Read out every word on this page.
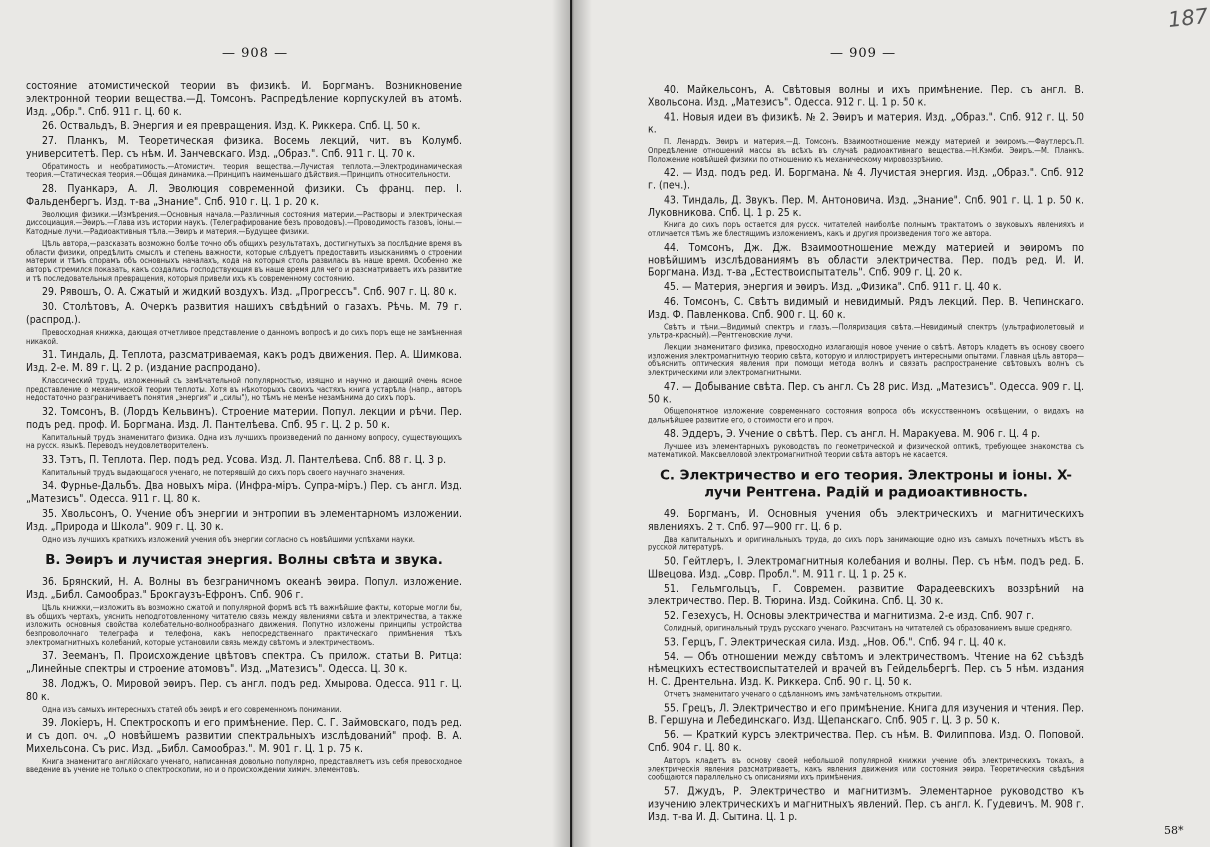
— 908 —

состояние атомистической теории въ физикѣ. И. Боргманъ. Возникновение электронной теории вещества.—Д. Томсонъ. Распредѣление корпускулей въ атомѣ. Изд. „Обр.". Спб. 911 г. Ц. 60 к.

26. Оствальдъ, В. Энергия и ея превращения. Изд. К. Риккера. Спб. Ц. 50 к.

27. Планкъ, М. Теоретическая физика. Восемь лекций, чит. въ Колумб. университетѣ. Пер. съ нѣм. И. Занчевскаго. Изд. „Образ.". Спб. 911 г. Ц. 70 к.

Обратимость и необратимость.—Атомистич. теория вещества.—Лучистая теплота.—Электродинамическая теория.—Статическая теория.—Общая динамика.—Принципъ наименьшаго дѣйствия.—Принципъ относительности.

28. Пуанкарэ, А. Л. Эволюция современной физики. Съ франц. пер. І. Фальденбергъ. Изд. т-ва „Знание". Спб. 910 г. Ц. 1 р. 20 к.

Эволюция физики.—Измѣрения.—Основныя начала.—Различныя состояния материи.—Растворы и электрическая диссоциация.—Эѳиръ.—Глава изъ истории наукъ. (Телеграфирование безъ проводовъ).—Проводимость газовъ, іоны.—Катодные лучи.—Радиоактивныя тѣла.—Эѳиръ и материя.—Будущее физики.

Цѣль автора,—разсказать возможно болѣе точно объ общихъ результатахъ, достигнутыхъ за послѣдние время въ области физики, опредѣлить смыслъ и степень важности, которые слѣдуетъ предоставить изысканиямъ о строении материи и тѣмъ спорамъ объ основныхъ началахъ, кода на которыя столь развилась въ наше время. Особенно же авторъ стремился показать, какъ создались господствующия въ наше время для чего и разсматриваетъ ихъ развитие и тѣ последовательныя превращения, которыя привели ихъ къ современному состоянию.

29. Рявошъ, О. А. Сжатый и жидкий воздухъ. Изд. „Прогрессъ". Спб. 907 г. Ц. 80 к.

30. Столѣтовъ, А. Очеркъ развития нашихъ свѣдѣний о газахъ. Рѣчь. М. 79 г. (распрод.).

Превосходная книжка, дающая отчетливое представление о данномъ вопросѣ и до сихъ поръ еще не замѣненная никакой.

31. Тиндаль, Д. Теплота, разсматриваемая, какъ родъ движения. Пер. А. Шимкова. Изд. 2-е. М. 89 г. Ц. 2 р. (издание распродано).

Классический трудъ, изложенный съ замѣчательной популярностью, изящно и научно и дающий очень ясное представление о механической теории теплоты. Хотя въ нѣкоторыхъ своихъ частяхъ книга устарѣла (напр., авторъ недостаточно разграничиваетъ понятия „энергия" и „силы"), но тѣмъ не менѣе незамѣнима до сихъ поръ.

32. Томсонъ, В. (Лордъ Кельвинъ). Строение материи. Попул. лекции и рѣчи. Пер. подъ ред. проф. И. Боргмана. Изд. Л. Пантелѣева. Спб. 95 г. Ц. 2 р. 50 к.

Капитальный трудъ знаменитаго физика. Одна изъ лучшихъ произведений по данному вопросу, существующихъ на русск. языкѣ. Переводъ неудовлетворителенъ.

33. Тэтъ, П. Теплота. Пер. подъ ред. Усова. Изд. Л. Пантелѣева. Спб. 88 г. Ц. 3 р.

Капитальный трудъ выдающагося ученаго, не потерявшій до сихъ поръ своего научнаго значения.

34. Фурнье-Дальбъ. Два новыхъ міра. (Инфра-міръ. Супра-міръ.) Пер. съ англ. Изд. „Матезисъ". Одесса. 911 г. Ц. 80 к.

35. Хвольсонъ, О. Учение объ энергии и энтропии въ элементарномъ изложении. Изд. „Природа и Школа". 909 г. Ц. 30 к.

Одно изъ лучшихъ краткихъ изложений учения объ энергии согласно съ новѣйшими успѣхами науки.

В. Эѳиръ и лучистая энергия. Волны свѣта и звука.

36. Брянский, Н. А. Волны въ безграничномъ океанѣ эѳира. Попул. изложение. Изд. „Библ. Самообраз." Брокгаузъ-Ефронъ. Спб. 906 г.

Цѣль книжки,—изложить въ возможно сжатой и популярной формѣ всѣ тѣ важнѣйшие факты, которые могли бы, въ общихъ чертахъ, уяснить неподготовленному читателю связь между явлениями свѣта и электричества, а также изложить основныя свойства колебательно-волнообразнаго движения. Попутно изложены принципы устройства безпроволочнаго телеграфа и телефона, какъ непосредственнаго практическаго примѣнения тѣхъ электромагнитныхъ колебаний, которые установили связь между свѣтомъ и электричествомъ.

37. Зееманъ, П. Происхождение цвѣтовъ спектра. Съ прилож. статьи В. Ритца: „Линейные спектры и строение атомовъ". Изд. „Матезисъ". Одесса. Ц. 30 к.

38. Лоджъ, О. Мировой эѳиръ. Пер. съ англ. подъ ред. Хмырова. Одесса. 911 г. Ц. 80 к.

Одна изъ самыхъ интересныхъ статей объ эѳирѣ и его современномъ понимании.

39. Локіеръ, Н. Спектроскопъ и его примѣнение. Пер. С. Г. Займовскаго, подъ ред. и съ доп. оч. „О новѣйшемъ развитии спектральныхъ изслѣдований" проф. В. А. Михельсона. Съ рис. Изд. „Библ. Самообраз.". М. 901 г. Ц. 1 р. 75 к.

Книга знаменитаго англійскаго ученаго, написанная довольно популярно, представляетъ изъ себя превосходное введение въ учение не только о спектроскопии, но и о происхождении химич. элементовъ.

— 909 —
187

40. Майкельсонъ, А. Свѣтовыя волны и ихъ примѣнение. Пер. съ англ. В. Хвольсона. Изд. „Матезисъ". Одесса. 912 г. Ц. 1 р. 50 к.

41. Новыя идеи въ физикѣ. № 2. Эѳиръ и материя. Изд. „Образ.". Спб. 912 г. Ц. 50 к.

П. Ленардъ. Эѳиръ и материя.—Д. Томсонъ. Взаимоотношение между материей и эѳиромъ.—Фаутлерсъ.П. Опредѣление отношений массы въ всѣхъ въ случаѣ радиоактивнаго вещества.—Н.Кэмби. Эѳиръ.—М. Планкъ. Положение новѣйшей физики по отношению къ механическому мировоззрѣнию.

42. — Изд. подъ ред. И. Боргмана. № 4. Лучистая энергия. Изд. „Образ.". Спб. 912 г. (печ.).

43. Тиндаль, Д. Звукъ. Пер. М. Антоновича. Изд. „Знание". Спб. 901 г. Ц. 1 р. 50 к. Луковникова. Спб. Ц. 1 р. 25 к.

Книга до сихъ поръ остается для русск. читателей наиболѣе полнымъ трактатомъ о звуковыхъ явленияхъ и отличается тѣмъ же блестящимъ изложениемъ, какъ и другия произведения того же автора.

44. Томсонъ, Дж. Дж. Взаимоотношение между материей и эѳиромъ по новѣйшимъ изслѣдованиямъ въ области электричества. Пер. подъ ред. И. И. Боргмана. Изд. т-ва „Естествоиспытатель". Спб. 909 г. Ц. 20 к.

45. — Материя, энергия и эѳиръ. Изд. „Физика". Спб. 911 г. Ц. 40 к.

46. Томсонъ, С. Свѣтъ видимый и невидимый. Рядъ лекций. Пер. В. Чепинскаго. Изд. Ф. Павленкова. Спб. 900 г. Ц. 60 к.

Свѣтъ и тѣни.—Видимый спектръ и глазъ.—Поляризация свѣта.—Невидимый спектръ (ультрафиолетовый и ультра-красный).—Рентгеновские лучи.

Лекции знаменитаго физика, превосходно излагающія новое учение о свѣтѣ. Авторъ кладетъ въ основу своего изложения электромагнитную теорию свѣта, которую и иллюстрируетъ интересными опытами. Главная цѣль автора—объяснить оптическия явления при помощи метода волнъ и связать распространение свѣтовыхъ волнъ съ электрическими или электромагнитными.

47. — Добывание свѣта. Пер. съ англ. Съ 28 рис. Изд. „Матезисъ". Одесса. 909 г. Ц. 50 к.

Общепонятное изложение современнаго состояния вопроса объ искусственномъ освѣщении, о видахъ на дальнѣйшее развитие его, о стоимости его и проч.

48. Эддеръ, Э. Учение о свѣтѣ. Пер. съ англ. Н. Маракуева. М. 906 г. Ц. 4 р.

Лучшее изъ элементарныхъ руководствъ по геометрической и физической оптикѣ, требующее знакомства съ математикой. Максвелловой электромагнитной теории свѣта авторъ не касается.

С. Электричество и его теория. Электроны и іоны. X-лучи Рентгена. Радій и радиоактивность.

49. Боргманъ, И. Основныя учения объ электрическихъ и магнитическихъ явленияхъ. 2 т. Спб. 97—900 гг. Ц. 6 р.

Два капитальныхъ и оригинальныхъ труда, до сихъ поръ занимающие одно изъ самыхъ почетныхъ мѣстъ въ русской литературѣ.

50. Гейтлеръ, І. Электромагнитныя колебания и волны. Пер. съ нѣм. подъ ред. Б. Швецова. Изд. „Совр. Пробл.". М. 911 г. Ц. 1 р. 25 к.

51. Гельмгольцъ, Г. Современ. развитие Фарадеевскихъ воззрѣний на электричество. Пер. В. Тюрина. Изд. Сойкина. Спб. Ц. 30 к.

52. Гезехусъ, Н. Основы электричества и магнитизма. 2-е изд. Спб. 907 г.

Солидный, оригинальный трудъ русскаго ученаго. Разсчитанъ на читателей съ образованиемъ выше средняго.

53. Герцъ, Г. Электрическая сила. Изд. „Нов. Об.". Спб. 94 г. Ц. 40 к.

54. — Объ отношении между свѣтомъ и электричествомъ. Чтение на 62 съѣздѣ нѣмецкихъ естествоиспытателей и врачей въ Гейдельбергѣ. Пер. съ 5 нѣм. издания Н. С. Дрентельна. Изд. К. Риккера. Спб. 90 г. Ц. 50 к.

Отчетъ знаменитаго ученаго о сдѣланномъ имъ замѣчательномъ открытии.

55. Грецъ, Л. Электричество и его примѣнение. Книга для изучения и чтения. Пер. В. Гершуна и Лебединскаго. Изд. Щепанскаго. Спб. 905 г. Ц. 3 р. 50 к.

56. — Краткий курсъ электричества. Пер. съ нѣм. В. Филиппова. Изд. О. Поповой. Спб. 904 г. Ц. 80 к.

Авторъ кладетъ въ основу своей небольшой популярной книжки учение объ электрическихъ токахъ, а электрическія явления разсматриваетъ, какъ явления движения или состояния эѳира. Теоретическия свѣдѣния сообщаются параллельно съ описаниями ихъ примѣнения.

57. Джудъ, Р. Электричество и магнитизмъ. Элементарное руководство къ изучению электрическихъ и магнитныхъ явлений. Пер. съ англ. К. Гудевичъ. М. 908 г. Изд. т-ва И. Д. Сытина. Ц. 1 р.

58*
